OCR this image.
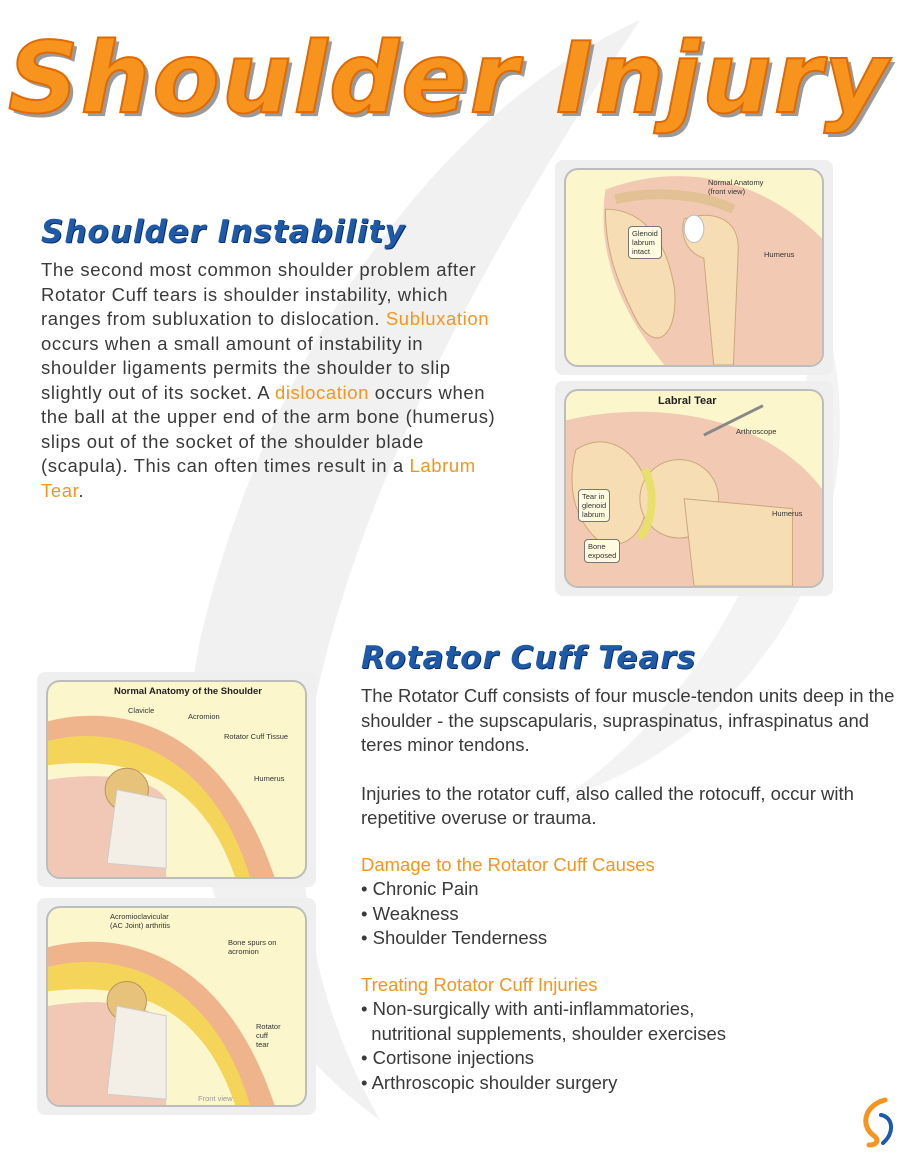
Shoulder Injury
Shoulder Instability

The second most common shoulder problem after Rotator Cuff tears is shoulder instability, which ranges from subluxation to dislocation. Subluxation occurs when a small amount of instability in shoulder ligaments permits the shoulder to slip slightly out of its socket. A dislocation occurs when the ball at the upper end of the arm bone (humerus) slips out of the socket of the shoulder blade (scapula). This can often times result in a Labrum Tear.

Rotator Cuff Tears
The Rotator Cuff consists of four muscle-tendon units deep in the shoulder - the supscapularis, supraspinatus, infraspinatus and teres minor tendons.
Injuries to the rotator cuff, also called the rotocuff, occur with repetitive overuse or trauma.
Damage to the Rotator Cuff Causes
• Chronic Pain
• Weakness
• Shoulder Tenderness
Treating Rotator Cuff Injuries
• Non-surgically with anti-inflammatories,
nutritional supplements, shoulder exercises
• Cortisone injections
• Arthroscopic shoulder surgery
Normal Anatomy
(front view)
Glenoid
labrum
intact	Humerus
Labral Tear
Arthroscope
Tear in
glenoid
labrum
Bone
exposed
Humerus
Normal Anatomy of the Shoulder
Clavicle
Acromion
Rotator Cuff Tissue
Humerus
Acromioclavicular
(AC Joint) arthritis
Bone spurs on
acromion
Rotator
cuff
tear
Front view
